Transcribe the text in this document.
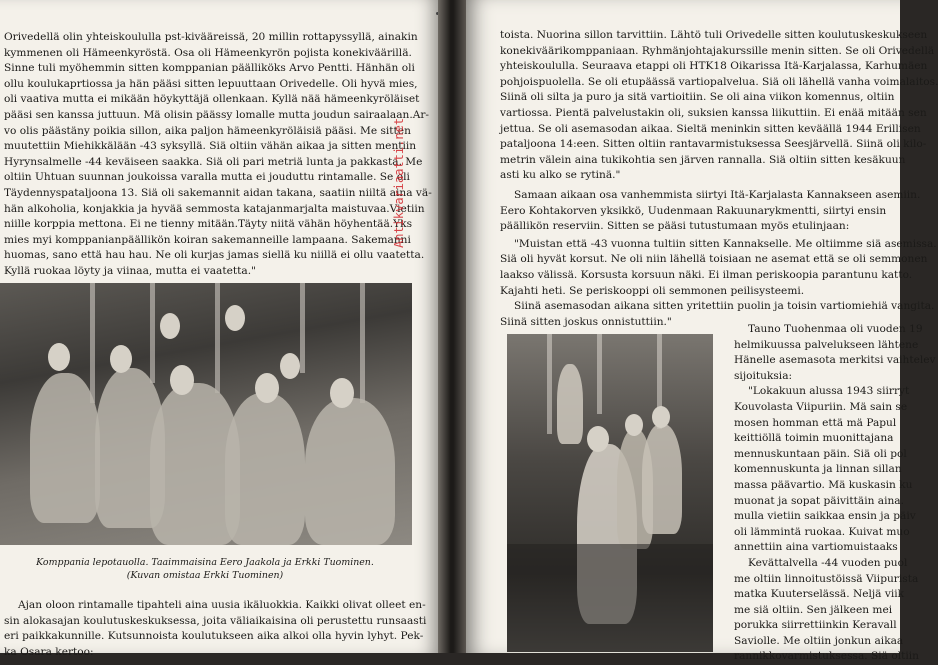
Orivedellä olin yhteiskoululla pst-kivääreissä, 20 millin rottapyssyllä, ainakin
kymmenen oli Hämeenkyröstä. Osa oli Hämeenkyrön pojista konekiväärillä.
Sinne tuli myöhemmin sitten komppanian päälliköks Arvo Pentti. Hänhän oli
ollu koulukaprtiossa ja hän pääsi sitten lepuuttaan Orivedelle. Oli hyvä mies,
oli vaativa mutta ei mikään höykyttäjä ollenkaan. Kyllä nää hämeenkyröläiset
pääsi sen kanssa juttuun. Mä olisin päässy lomalle mutta joudun sairaalaan.Ar-
vo olis päästäny poikia sillon, aika paljon hämeenkyröläisiä pääsi. Me sitten
muutettiin Miehikkälään -43 syksyllä. Siä oltiin vähän aikaa ja sitten mentiin
Hyrynsalmelle -44 keväiseen saakka. Siä oli pari metriä lunta ja pakkasta. Me
oltiin Uhtuan suunnan joukoissa varalla mutta ei jouduttu rintamalle. Se oli
Täydennyspataljoona 13. Siä oli sakemannit aidan takana, saatiin niiltä aina vä-
hän alkoholia, konjakkia ja hyvää semmosta katajanmarjalta maistuvaa.Vietiin
niille korppia mettona. Ei ne tienny mitään.Täyty niitä vähän höyhentää.Yks
mies myi komppanianpäällikön koiran sakemanneille lampaana. Sakemanni
huomas, sano että hau hau. Ne oli kurjas jamas siellä ku niillä ei ollu vaatetta.
Kyllä ruokaa löyty ja viinaa, mutta ei vaatetta."
Komppania lepotauolla. Taaimmaisina Eero Jaakola ja Erkki Tuominen.
(Kuvan omistaa Erkki Tuominen)
Ajan oloon rintamalle tipahteli aina uusia ikäluokkia. Kaikki olivat olleet en-
sin alokasajan koulutuskeskuksessa, joita väliaikaisina oli perustettu runsaasti
eri paikkakunnille. Kutsunnoista koulutukseen aika alkoi olla hyvin lyhyt. Pek-
ka Osara kertoo:
Antikvariaatti.net
toista. Nuorina sillon tarvittiin. Lähtö tuli Orivedelle sitten koulutuskeskukseen
konekiväärikomppaniaan. Ryhmänjohtajakurssille menin sitten. Se oli Orivedellä
yhteiskoululla. Seuraava etappi oli HTK18 Oikarissa Itä-Karjalassa, Karhumäen
pohjoispuolella. Se oli etupäässä vartiopalvelua. Siä oli lähellä vanha voimalaitos.
Siinä oli silta ja puro ja sitä vartioitiin. Se oli aina viikon komennus, oltiin
vartiossa. Pientä palvelustakin oli, suksien kanssa liikuttiin. Ei enää mitään sen
jettua. Se oli asemasodan aikaa. Sieltä meninkin sitten keväällä 1944 Erillisen
pataljoona 14:een. Sitten oltiin rantavarmistuksessa Seesjärvellä. Siinä oli kilo-
metrin välein aina tukikohtia sen järven rannalla. Siä oltiin sitten kesäkuun
asti ku alko se rytinä."
Samaan aikaan osa vanhemmista siirtyi Itä-Karjalasta Kannakseen asemiin.
Eero Kohtakorven yksikkö, Uudenmaan Rakuunarykmentti, siirtyi ensin
päällikön reserviin. Sitten se pääsi tutustumaan myös etulinjaan:
"Muistan että -43 vuonna tultiin sitten Kannakselle. Me oltiimme siä asemissa.
Siä oli hyvät korsut. Ne oli niin lähellä toisiaan ne asemat että se oli semmonen
laakso välissä. Korsusta korsuun näki. Ei ilman periskoopia parantunu katto.
Kajahti heti. Se periskooppi oli semmonen peilisysteemi.
Siinä asemasodan aikana sitten yritettiin puolin ja toisin vartiomiehiä vangita.
Siinä sitten joskus onnistuttiin."
Tauno Tuohenmaa oli vuoden 19
helmikuussa palvelukseen lähtene
Hänelle asemasota merkitsi vaihtelev
sijoituksia:
"Lokakuun alussa 1943 siirryt
Kouvolasta Viipuriin. Mä sain se
mosen homman että mä Papul
keittiöllä toimin muonittajana
mennuskuntaan päin. Siä oli pol
komennuskunta ja linnan sillan
massa päävartio. Mä kuskasin ku
muonat ja sopat päivittäin aina.
mulla vietiin saikkaa ensin ja päiv
oli lämmintä ruokaa. Kuivat muo
annettiin aina vartiomuistaaks
Kevättalvella -44 vuoden puol
me oltiin linnoitustöissä Viipurista
matka Kuuterselässä. Neljä viik
me siä oltiin. Sen jälkeen mei
porukka siirrettiinkin Keravall
Saviolle. Me oltiin jonkun aikaa
rannikkovarmistuksessa. Siä oltiin
